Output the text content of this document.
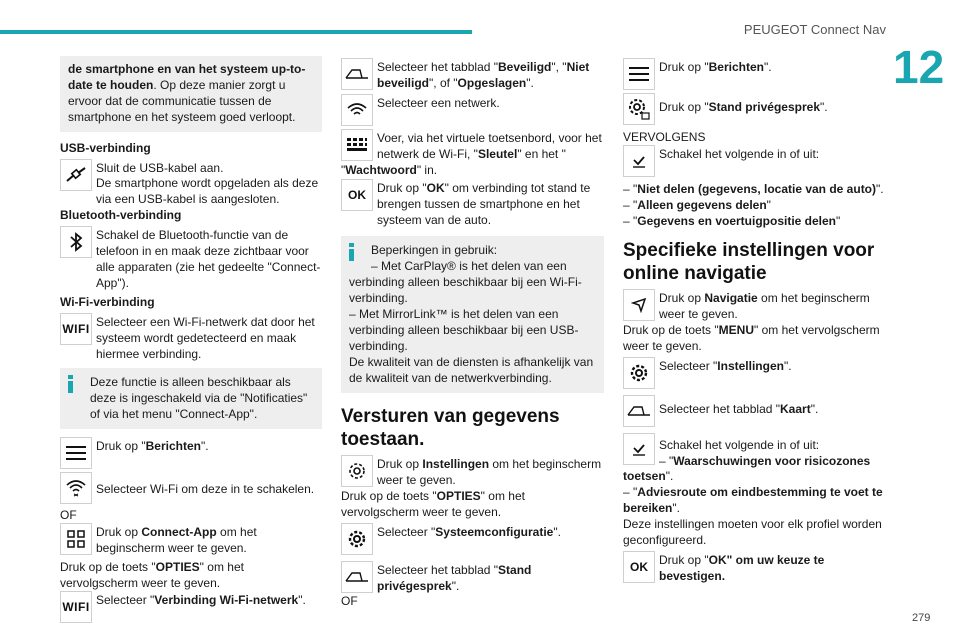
PEUGEOT Connect Nav
12
279
de smartphone en van het systeem up-to-date te houden. Op deze manier zorgt u ervoor dat de communicatie tussen de smartphone en het systeem goed verloopt.
USB-verbinding
Sluit de USB-kabel aan.
De smartphone wordt opgeladen als deze via een USB-kabel is aangesloten.
Bluetooth-verbinding
Schakel de Bluetooth-functie van de telefoon in en maak deze zichtbaar voor alle apparaten (zie het gedeelte "Connect-App").
Wi-Fi-verbinding
WIFI Selecteer een Wi-Fi-netwerk dat door het systeem wordt gedetecteerd en maak hiermee verbinding.
Deze functie is alleen beschikbaar als deze is ingeschakeld via de "Notificaties" of via het menu "Connect-App".
Druk op "Berichten".
Selecteer Wi-Fi om deze in te schakelen.
OF
Druk op Connect-App om het beginscherm weer te geven.
Druk op de toets "OPTIES" om het vervolgscherm weer te geven.
WIFI Selecteer "Verbinding Wi-Fi-netwerk".
Selecteer het tabblad "Beveiligd", "Niet beveiligd", of "Opgeslagen".
Selecteer een netwerk.
Voer, via het virtuele toetsenbord, voor het netwerk de Wi-Fi, "Sleutel" en het "
"Wachtwoord" in.
OK Druk op "OK" om verbinding tot stand te brengen tussen de smartphone en het systeem van de auto.
Beperkingen in gebruik:
– Met CarPlay® is het delen van een verbinding alleen beschikbaar bij een Wi-Fi-verbinding.
– Met MirrorLink™ is het delen van een verbinding alleen beschikbaar bij een USB-verbinding.
De kwaliteit van de diensten is afhankelijk van de kwaliteit van de netwerkverbinding.
Versturen van gegevens toestaan.
Druk op Instellingen om het beginscherm weer te geven.
Druk op de toets "OPTIES" om het vervolgscherm weer te geven.
Selecteer "Systeemconfiguratie".
Selecteer het tabblad "Stand privégesprek".
OF
Druk op "Berichten".
Druk op "Stand privégesprek".
VERVOLGENS
Schakel het volgende in of uit:
– "Niet delen (gegevens, locatie van de auto)".
– "Alleen gegevens delen"
– "Gegevens en voertuigpositie delen"
Specifieke instellingen voor online navigatie
Druk op Navigatie om het beginscherm weer te geven.
Druk op de toets "MENU" om het vervolgscherm weer te geven.
Selecteer "Instellingen".
Selecteer het tabblad "Kaart".
Schakel het volgende in of uit:
– "Waarschuwingen voor risicozones
toetsen".
– "Adviesroute om eindbestemming te voet te bereiken".
Deze instellingen moeten voor elk profiel worden geconfigureerd.
OK Druk op "OK" om uw keuze te bevestigen.
